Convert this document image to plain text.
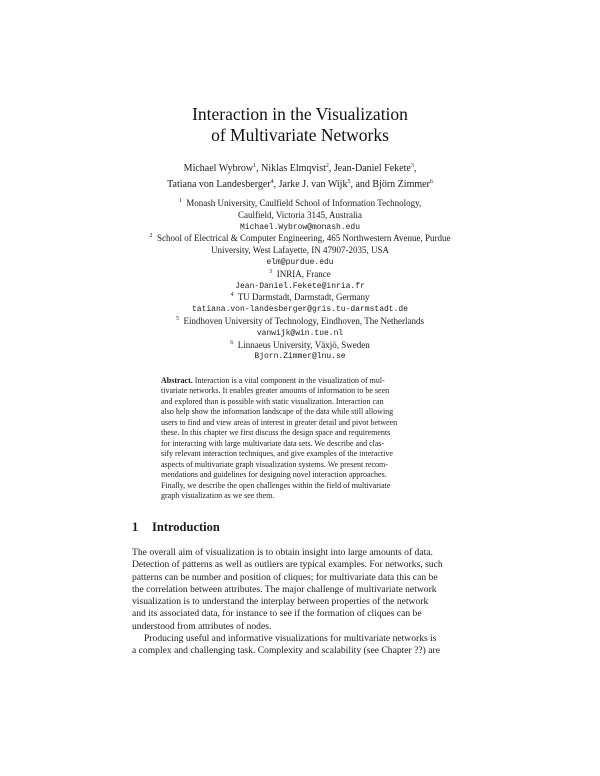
Interaction in the Visualization
of Multivariate Networks
Michael Wybrow$^1$, Niklas Elmqvist$^2$, Jean-Daniel Fekete$^3$,
Tatiana von Landesberger$^4$, Jarke J. van Wijk$^5$, and Björn Zimmer$^6$
$^1$ Monash University, Caulfield School of Information Technology,
Caulfield, Victoria 3145, Australia
Michael.Wybrow@monash.edu
$^2$ School of Electrical & Computer Engineering, 465 Northwestern Avenue, Purdue
University, West Lafayette, IN 47907-2035, USA
elm@purdue.edu
$^3$ INRIA, France
Jean-Daniel.Fekete@inria.fr
$^4$ TU Darmstadt, Darmstadt, Germany
tatiana.von-landesberger@gris.tu-darmstadt.de
$^5$ Eindhoven University of Technology, Eindhoven, The Netherlands
vanwijk@win.tue.nl
$^6$ Linnaeus University, Växjö, Sweden
Bjorn.Zimmer@lnu.se
Abstract. Interaction is a vital component in the visualization of mul-
tivariate networks. It enables greater amounts of information to be seen
and explored than is possible with static visualization. Interaction can
also help show the information landscape of the data while still allowing
users to find and view areas of interest in greater detail and pivot between
these. In this chapter we first discuss the design space and requirements
for interacting with large multivariate data sets. We describe and clas-
sify relevant interaction techniques, and give examples of the interactive
aspects of multivariate graph visualization systems. We present recom-
mendations and guidelines for designing novel interaction approaches.
Finally, we describe the open challenges within the field of multivariate
graph visualization as we see them.
1 Introduction

The overall aim of visualization is to obtain insight into large amounts of data.
Detection of patterns as well as outliers are typical examples. For networks, such
patterns can be number and position of cliques; for multivariate data this can be
the correlation between attributes. The major challenge of multivariate network
visualization is to understand the interplay between properties of the network
and its associated data, for instance to see if the formation of cliques can be
understood from attributes of nodes.

Producing useful and informative visualizations for multivariate networks is
a complex and challenging task. Complexity and scalability (see Chapter ??) are
